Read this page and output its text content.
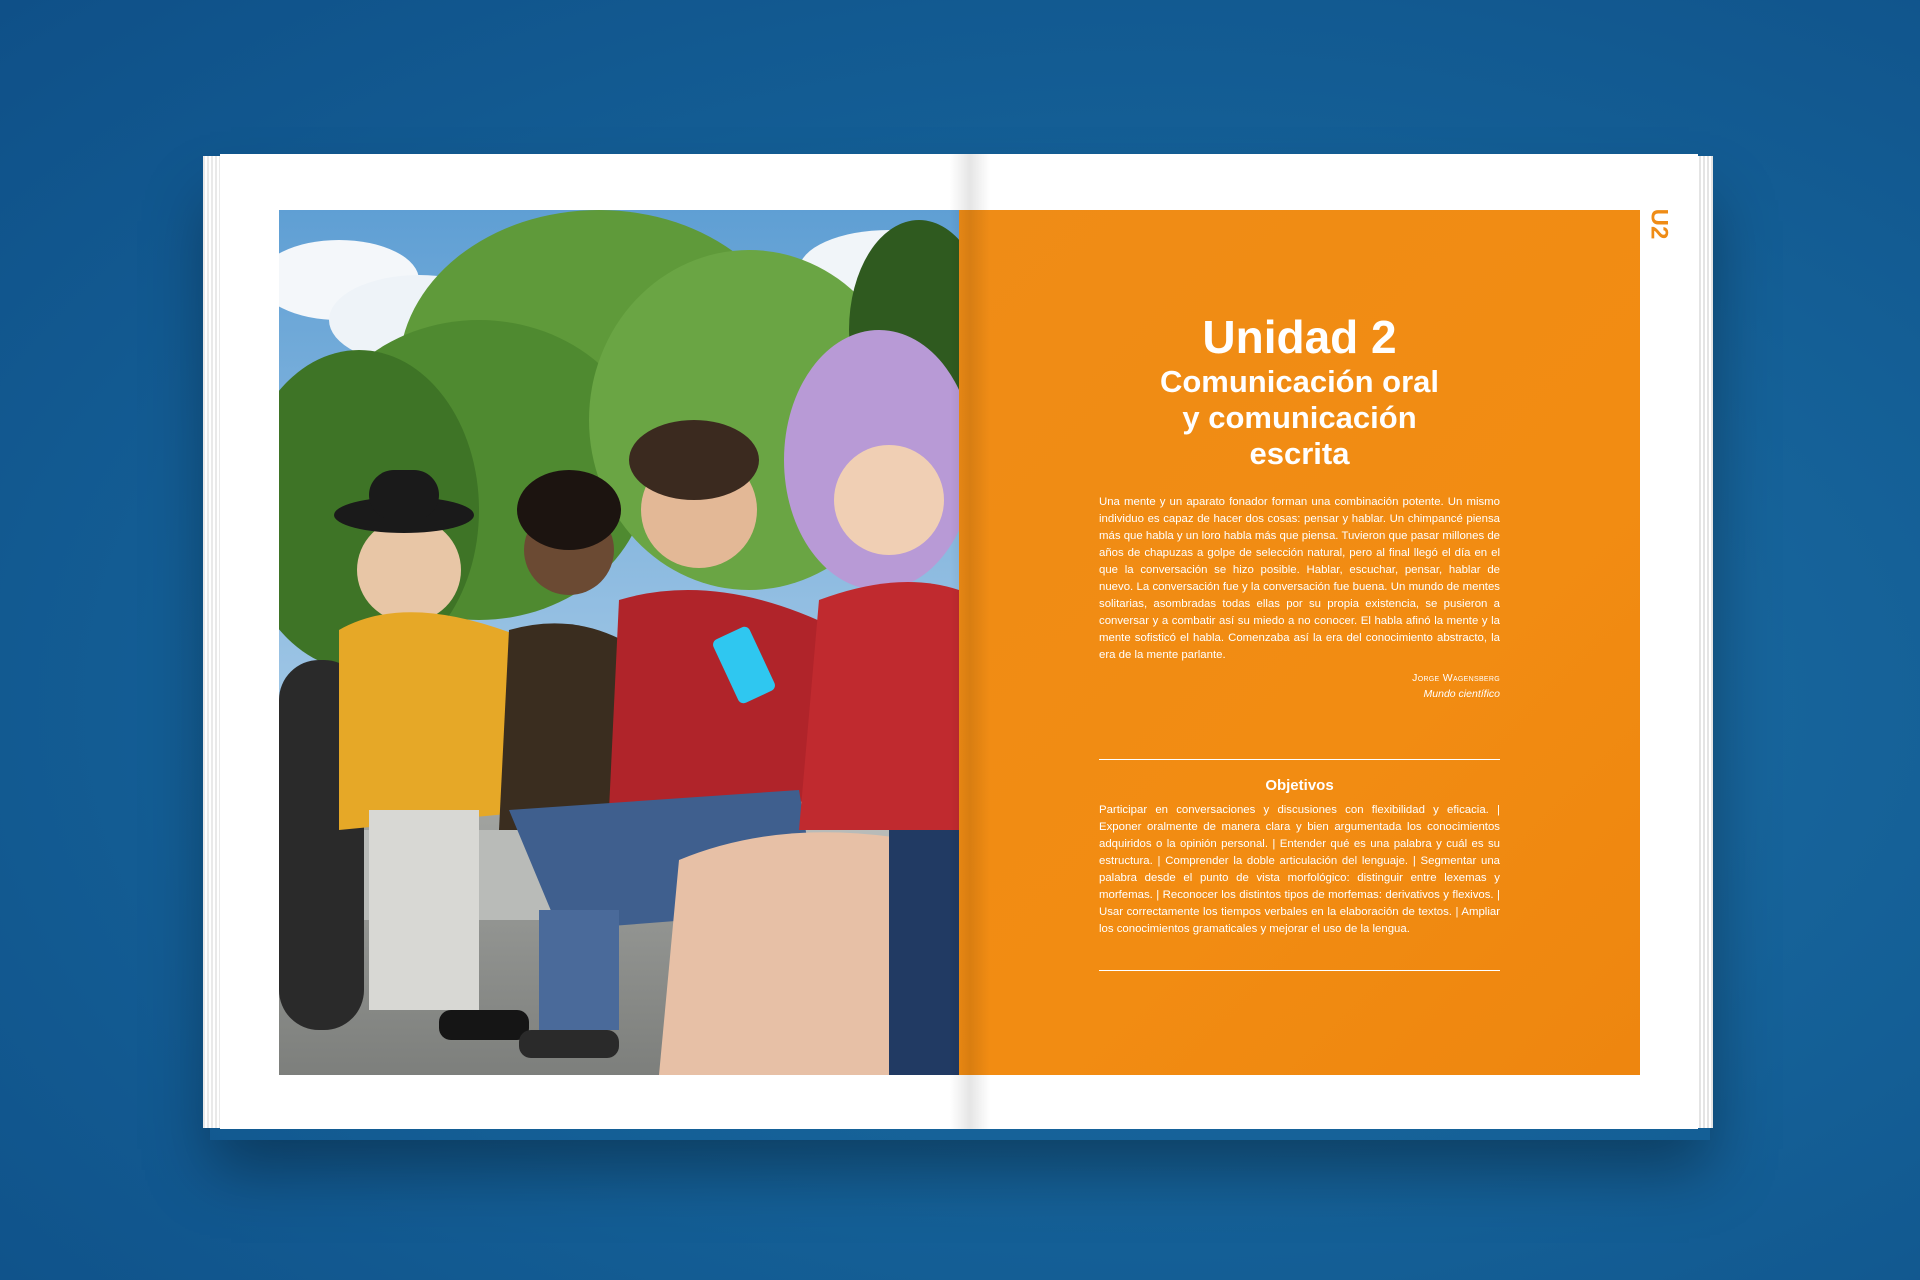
Unidad 2
Comunicación oral
y comunicación
escrita
Una mente y un aparato fonador forman una combinación potente. Un mismo individuo es capaz de hacer dos cosas: pensar y hablar. Un chimpancé piensa más que habla y un loro habla más que piensa. Tuvieron que pasar millones de años de chapuzas a golpe de selección natural, pero al final llegó el día en el que la conversación se hizo posible. Hablar, escuchar, pensar, hablar de nuevo. La conversación fue y la conversación fue buena. Un mundo de mentes solitarias, asombradas todas ellas por su propia existencia, se pusieron a conversar y a combatir así su miedo a no conocer. El habla afinó la mente y la mente sofisticó el habla. Comenzaba así la era del conocimiento abstracto, la era de la mente parlante.
Jorge Wagensberg
Mundo científico
Objetivos
Participar en conversaciones y discusiones con flexibilidad y eficacia. | Exponer oralmente de manera clara y bien argumentada los conocimientos adquiridos o la opinión personal. | Entender qué es una palabra y cuál es su estructura. | Comprender la doble articulación del lenguaje. | Segmentar una palabra desde el punto de vista morfológico: distinguir entre lexemas y morfemas. | Reconocer los distintos tipos de morfemas: derivativos y flexivos. | Usar correctamente los tiempos verbales en la elaboración de textos. | Ampliar los conocimientos gramaticales y mejorar el uso de la lengua.
U2
